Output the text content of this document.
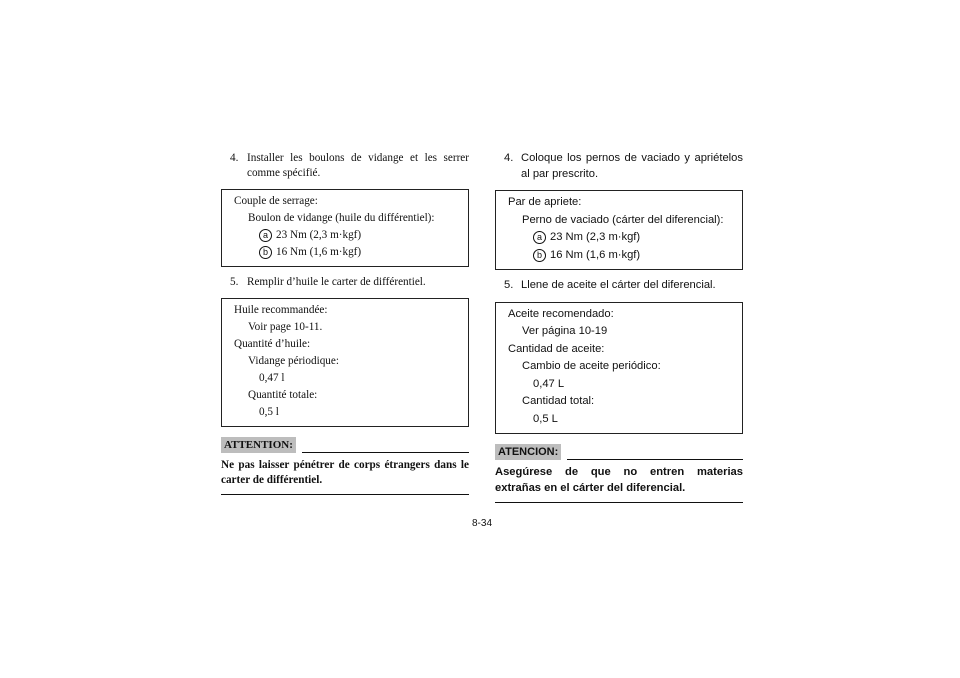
4. Installer les boulons de vidange et les serrer comme spécifié.
Couple de serrage:
Boulon de vidange (huile du différentiel):
a 23 Nm (2,3 m·kgf)
b 16 Nm (1,6 m·kgf)
5. Remplir d’huile le carter de différentiel.
Huile recommandée:
Voir page 10-11.
Quantité d’huile:
Vidange périodique:
0,47 l
Quantité totale:
0,5 l
ATTENTION:
Ne pas laisser pénétrer de corps étrangers dans le carter de différentiel.
4. Coloque los pernos de vaciado y apriételos al par prescrito.
Par de apriete:
Perno de vaciado (cárter del diferencial):
a 23 Nm (2,3 m·kgf)
b 16 Nm (1,6 m·kgf)
5. Llene de aceite el cárter del diferencial.
Aceite recomendado:
Ver página 10-19
Cantidad de aceite:
Cambio de aceite periódico:
0,47 L
Cantidad total:
0,5 L
ATENCION:
Asegúrese de que no entren materias extrañas en el cárter del diferencial.
8-34
